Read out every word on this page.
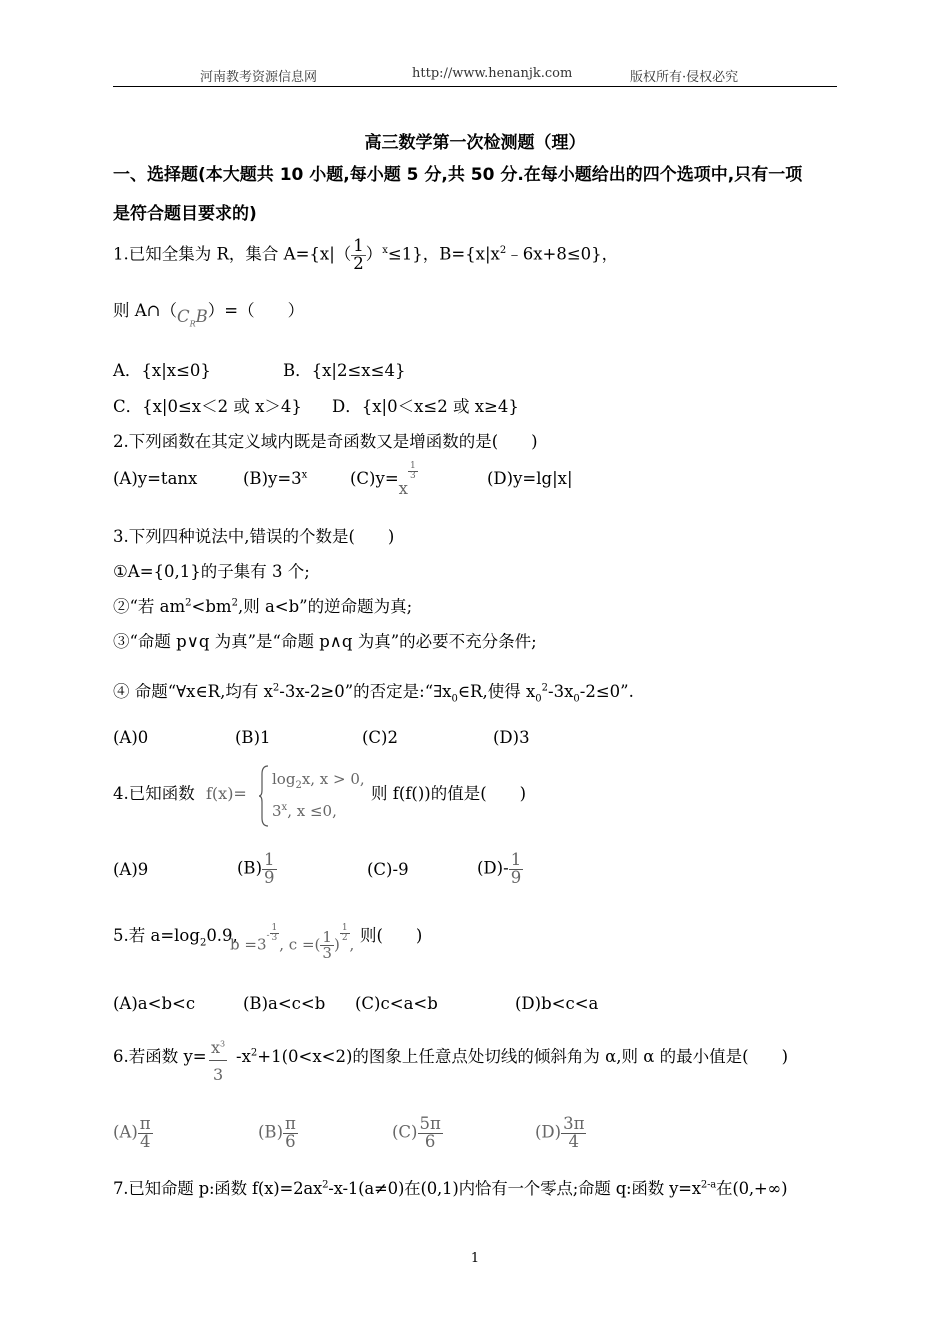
河南教考资源信息网	http://www.henanjk.com	版权所有·侵权必究
高三数学第一次检测题（理）
一、选择题(本大题共 10 小题,每小题 5 分,共 50 分.在每小题给出的四个选项中,只有一项
是符合题目要求的)
1.已知全集为 R，集合 $A=\{x|( \frac{1}{2} )^x\le 1\}$，$B=\{x|x^2﹣6x+8\le 0\}$，
则 $A\cap(C_RB)=$（　　）
A．{x|x≤0}	B．{x|2≤x≤4}
C．{x|0≤x＜2 或 x＞4} D．{x|0＜x≤2 或 x≥4}
2.下列函数在其定义域内既是奇函数又是增函数的是(　　)
(A)y=tanx	$(B)y=3^x$	(C)y=x
$\frac{1}{3}$	(D)y=lg|x|
3.下列四种说法中,错误的个数是(　　)
①A={0,1}的子集有 3 个;
②“若 $am^2<bm^2$,则 a<b”的逆命题为真;
③“命题 p∨q 为真”是“命题 p∧q 为真”的必要不充分条件;
④ 命题“∀x∈R,均有 $x^2-3x-2\ge 0$”的否定是$:“\exists x_0\in R$,使得 $x_0^2-3x_0-2\le 0$”.
(A)0	(B)1	(C)2	(D)3
4.已知函数 f(x)=
$\log_2x$, x > 0,
3$^x$, x ≤0,
则 f(f())的值是(　　)
(A)9	$(B) \frac{1}{9}$	(C)-9	$(D)- \frac{1}{9}$
5.若 $a=\log_20.9$,
$b =3^- \frac{1}{3}$
, c =( $\frac{1}{3}$ )
$\frac{1}{2}$
, 则(　　)
(A)a<b<c	(B)a<c<b (C)c<a<b	(D)b<c<a
6.若函数 $y= \frac{x^3}{3} -x^2+1(0<x<2)$的图象上任意点处切线的倾斜角为 α,则 α 的最小值是(　　)
$(A) \frac{\pi}{4}$	$(B) \frac{\pi}{6}$	$(C) \frac{5\pi}{6}$	$(D) \frac{3\pi}{4}$
7.已知命题 p:函数 $f(x)=2ax^2-x-1(a\ne 0)$在(0,1)内恰有一个零点;命题 q:函数 $y=x^{2-a}$在(0,+∞)
1
